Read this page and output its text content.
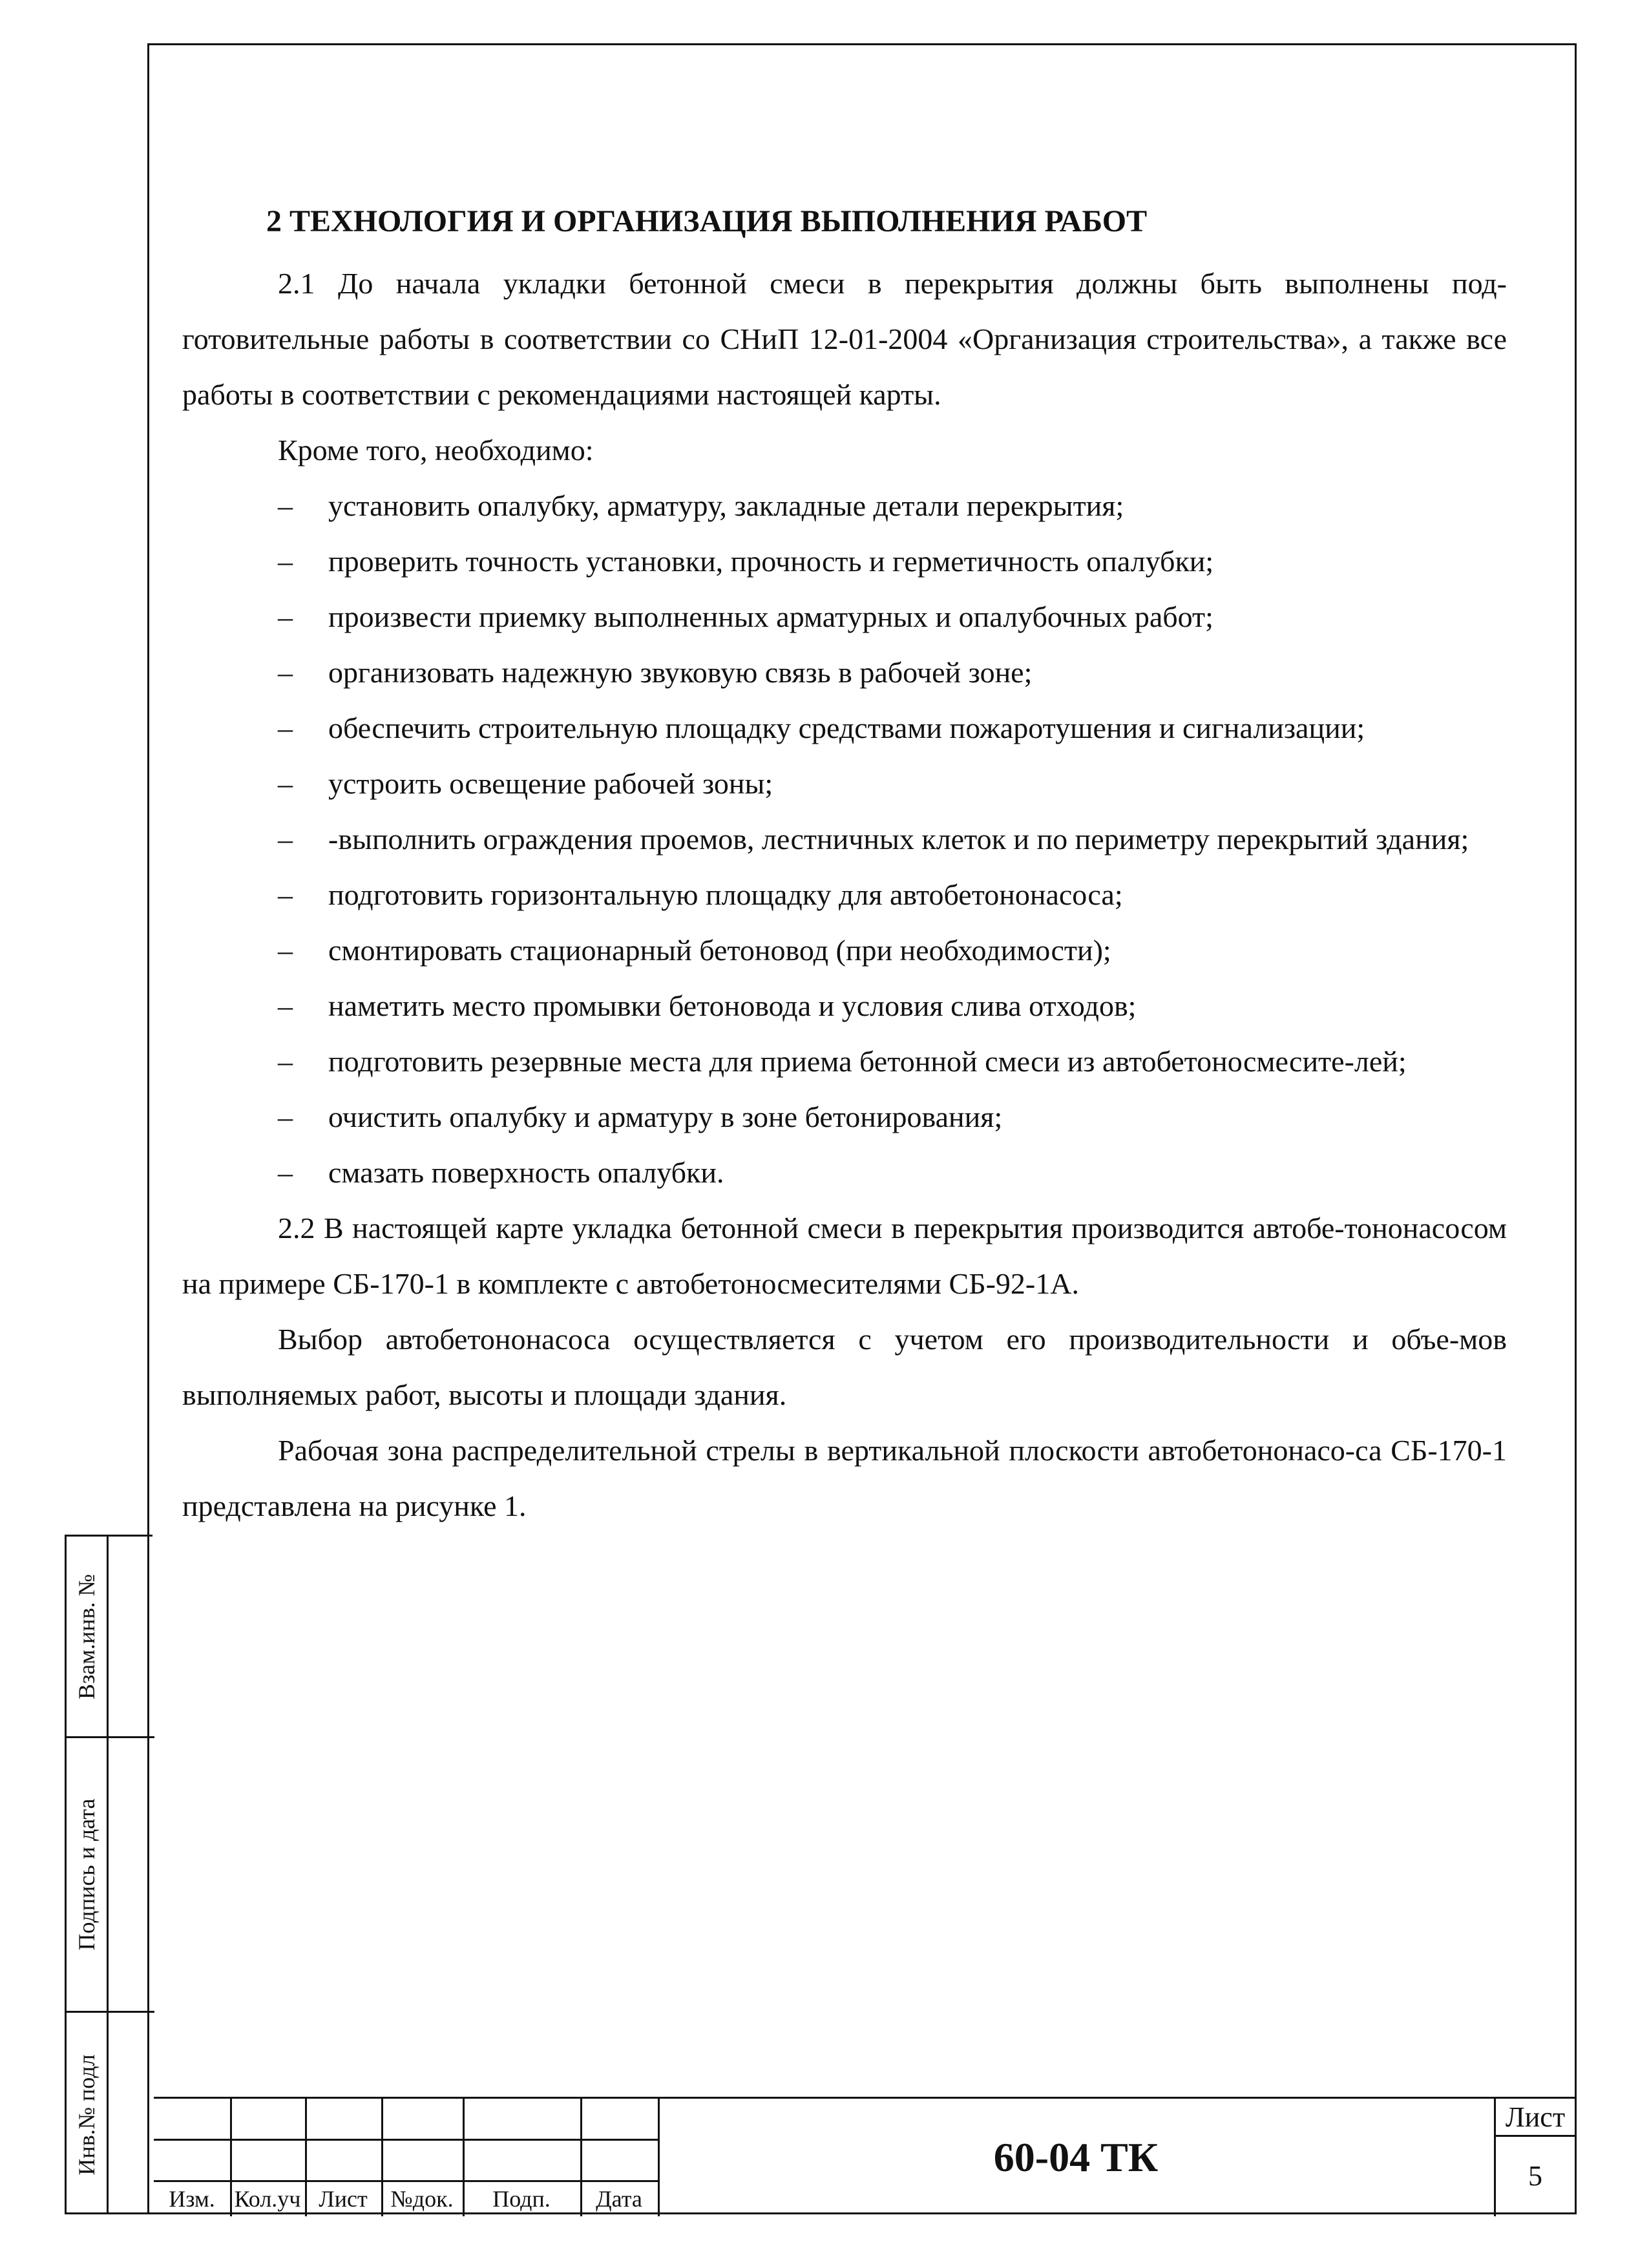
2 ТЕХНОЛОГИЯ И ОРГАНИЗАЦИЯ ВЫПОЛНЕНИЯ РАБОТ

2.1 До начала укладки бетонной смеси в перекрытия должны быть выполнены под-готовительные работы в соответствии со СНиП 12-01-2004 «Организация строительства», а также все работы в соответствии с рекомендациями настоящей карты.

Кроме того, необходимо:

–	установить опалубку, арматуру, закладные детали перекрытия;

–	проверить точность установки, прочность и герметичность опалубки;

–	произвести приемку выполненных арматурных и опалубочных работ;

–	организовать надежную звуковую связь в рабочей зоне;

–	обеспечить строительную площадку средствами пожаротушения и сигнализации;

–	устроить освещение рабочей зоны;

– -выполнить ограждения проемов, лестничных клеток и по периметру перекрытий здания;

–	подготовить горизонтальную площадку для автобетононасоса;

–	смонтировать стационарный бетоновод (при необходимости);

–	наметить место промывки бетоновода и условия слива отходов;

– подготовить резервные места для приема бетонной смеси из автобетоносмесите-лей;

–	очистить опалубку и арматуру в зоне бетонирования;

–	смазать поверхность опалубки.

2.2 В настоящей карте укладка бетонной смеси в перекрытия производится автобе-тононасосом на примере СБ-170-1 в комплекте с автобетоносмесителями СБ-92-1А.

Выбор автобетононасоса осуществляется с учетом его производительности и объе-мов выполняемых работ, высоты и площади здания.

Рабочая зона распределительной стрелы в вертикальной плоскости автобетононасо-са СБ-170-1 представлена на рисунке 1.

Взам.инв. №
Подпись и дата
Инв.№ подл
Изм. Кол.уч Лист №док.	Подп.	Дата
60-04 ТК
Лист
5
